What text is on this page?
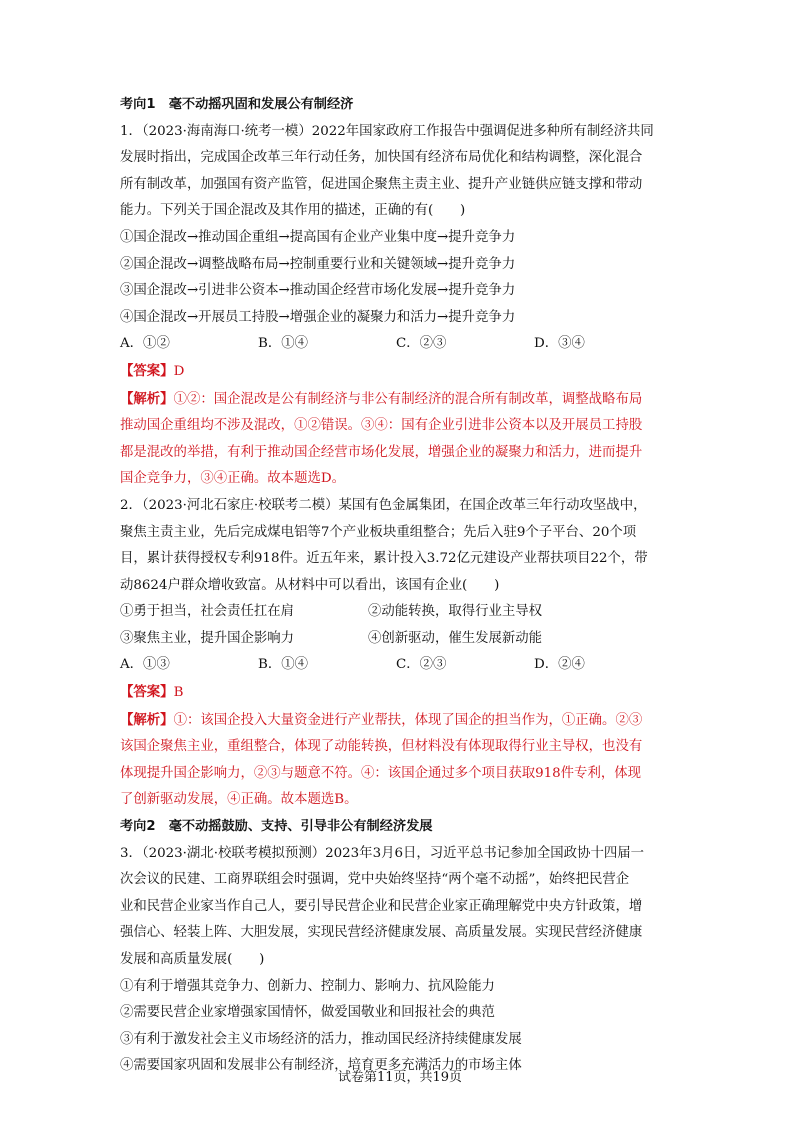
考向1　毫不动摇巩固和发展公有制经济

1．（2023·海南海口·统考一模）2022年国家政府工作报告中强调促进多种所有制经济共同

发展时指出，完成国企改革三年行动任务，加快国有经济布局优化和结构调整，深化混合

所有制改革，加强国有资产监管，促进国企聚焦主责主业、提升产业链供应链支撑和带动

能力。下列关于国企混改及其作用的描述，正确的有(　　)

①国企混改→推动国企重组→提高国有企业产业集中度→提升竞争力

②国企混改→调整战略布局→控制重要行业和关键领域→提升竞争力

③国企混改→引进非公资本→推动国企经营市场化发展→提升竞争力

④国企混改→开展员工持股→增强企业的凝聚力和活力→提升竞争力

A．①②	B．①④	C．②③	D．③④

【答案】D

【解析】①②：国企混改是公有制经济与非公有制经济的混合所有制改革，调整战略布局

推动国企重组均不涉及混改，①②错误。③④：国有企业引进非公资本以及开展员工持股

都是混改的举措，有利于推动国企经营市场化发展，增强企业的凝聚力和活力，进而提升

国企竞争力，③④正确。故本题选D。

2．（2023·河北石家庄·校联考二模）某国有色金属集团，在国企改革三年行动攻坚战中，

聚焦主责主业，先后完成煤电铝等7个产业板块重组整合；先后入驻9个子平台、20个项

目，累计获得授权专利918件。近五年来，累计投入3.72亿元建设产业帮扶项目22个，带

动8624户群众增收致富。从材料中可以看出，该国有企业(　　)

①勇于担当，社会责任扛在肩	②动能转换，取得行业主导权
③聚焦主业，提升国企影响力	④创新驱动，催生发展新动能
A．①③	B．①④	C．②③	D．②④

【答案】B

【解析】①：该国企投入大量资金进行产业帮扶，体现了国企的担当作为，①正确。②③

该国企聚焦主业，重组整合，体现了动能转换，但材料没有体现取得行业主导权，也没有

体现提升国企影响力，②③与题意不符。④：该国企通过多个项目获取918件专利，体现

了创新驱动发展，④正确。故本题选B。

考向2　毫不动摇鼓励、支持、引导非公有制经济发展

3．（2023·湖北·校联考模拟预测）2023年3月6日，习近平总书记参加全国政协十四届一

次会议的民建、工商界联组会时强调，党中央始终坚持“两个毫不动摇”，始终把民营企

业和民营企业家当作自己人，要引导民营企业和民营企业家正确理解党中央方针政策，增

强信心、轻装上阵、大胆发展，实现民营经济健康发展、高质量发展。实现民营经济健康

发展和高质量发展(　　)

①有利于增强其竞争力、创新力、控制力、影响力、抗风险能力

②需要民营企业家增强家国情怀，做爱国敬业和回报社会的典范

③有利于激发社会主义市场经济的活力，推动国民经济持续健康发展

④需要国家巩固和发展非公有制经济，培育更多充满活力的市场主体

试卷第11页，共19页
